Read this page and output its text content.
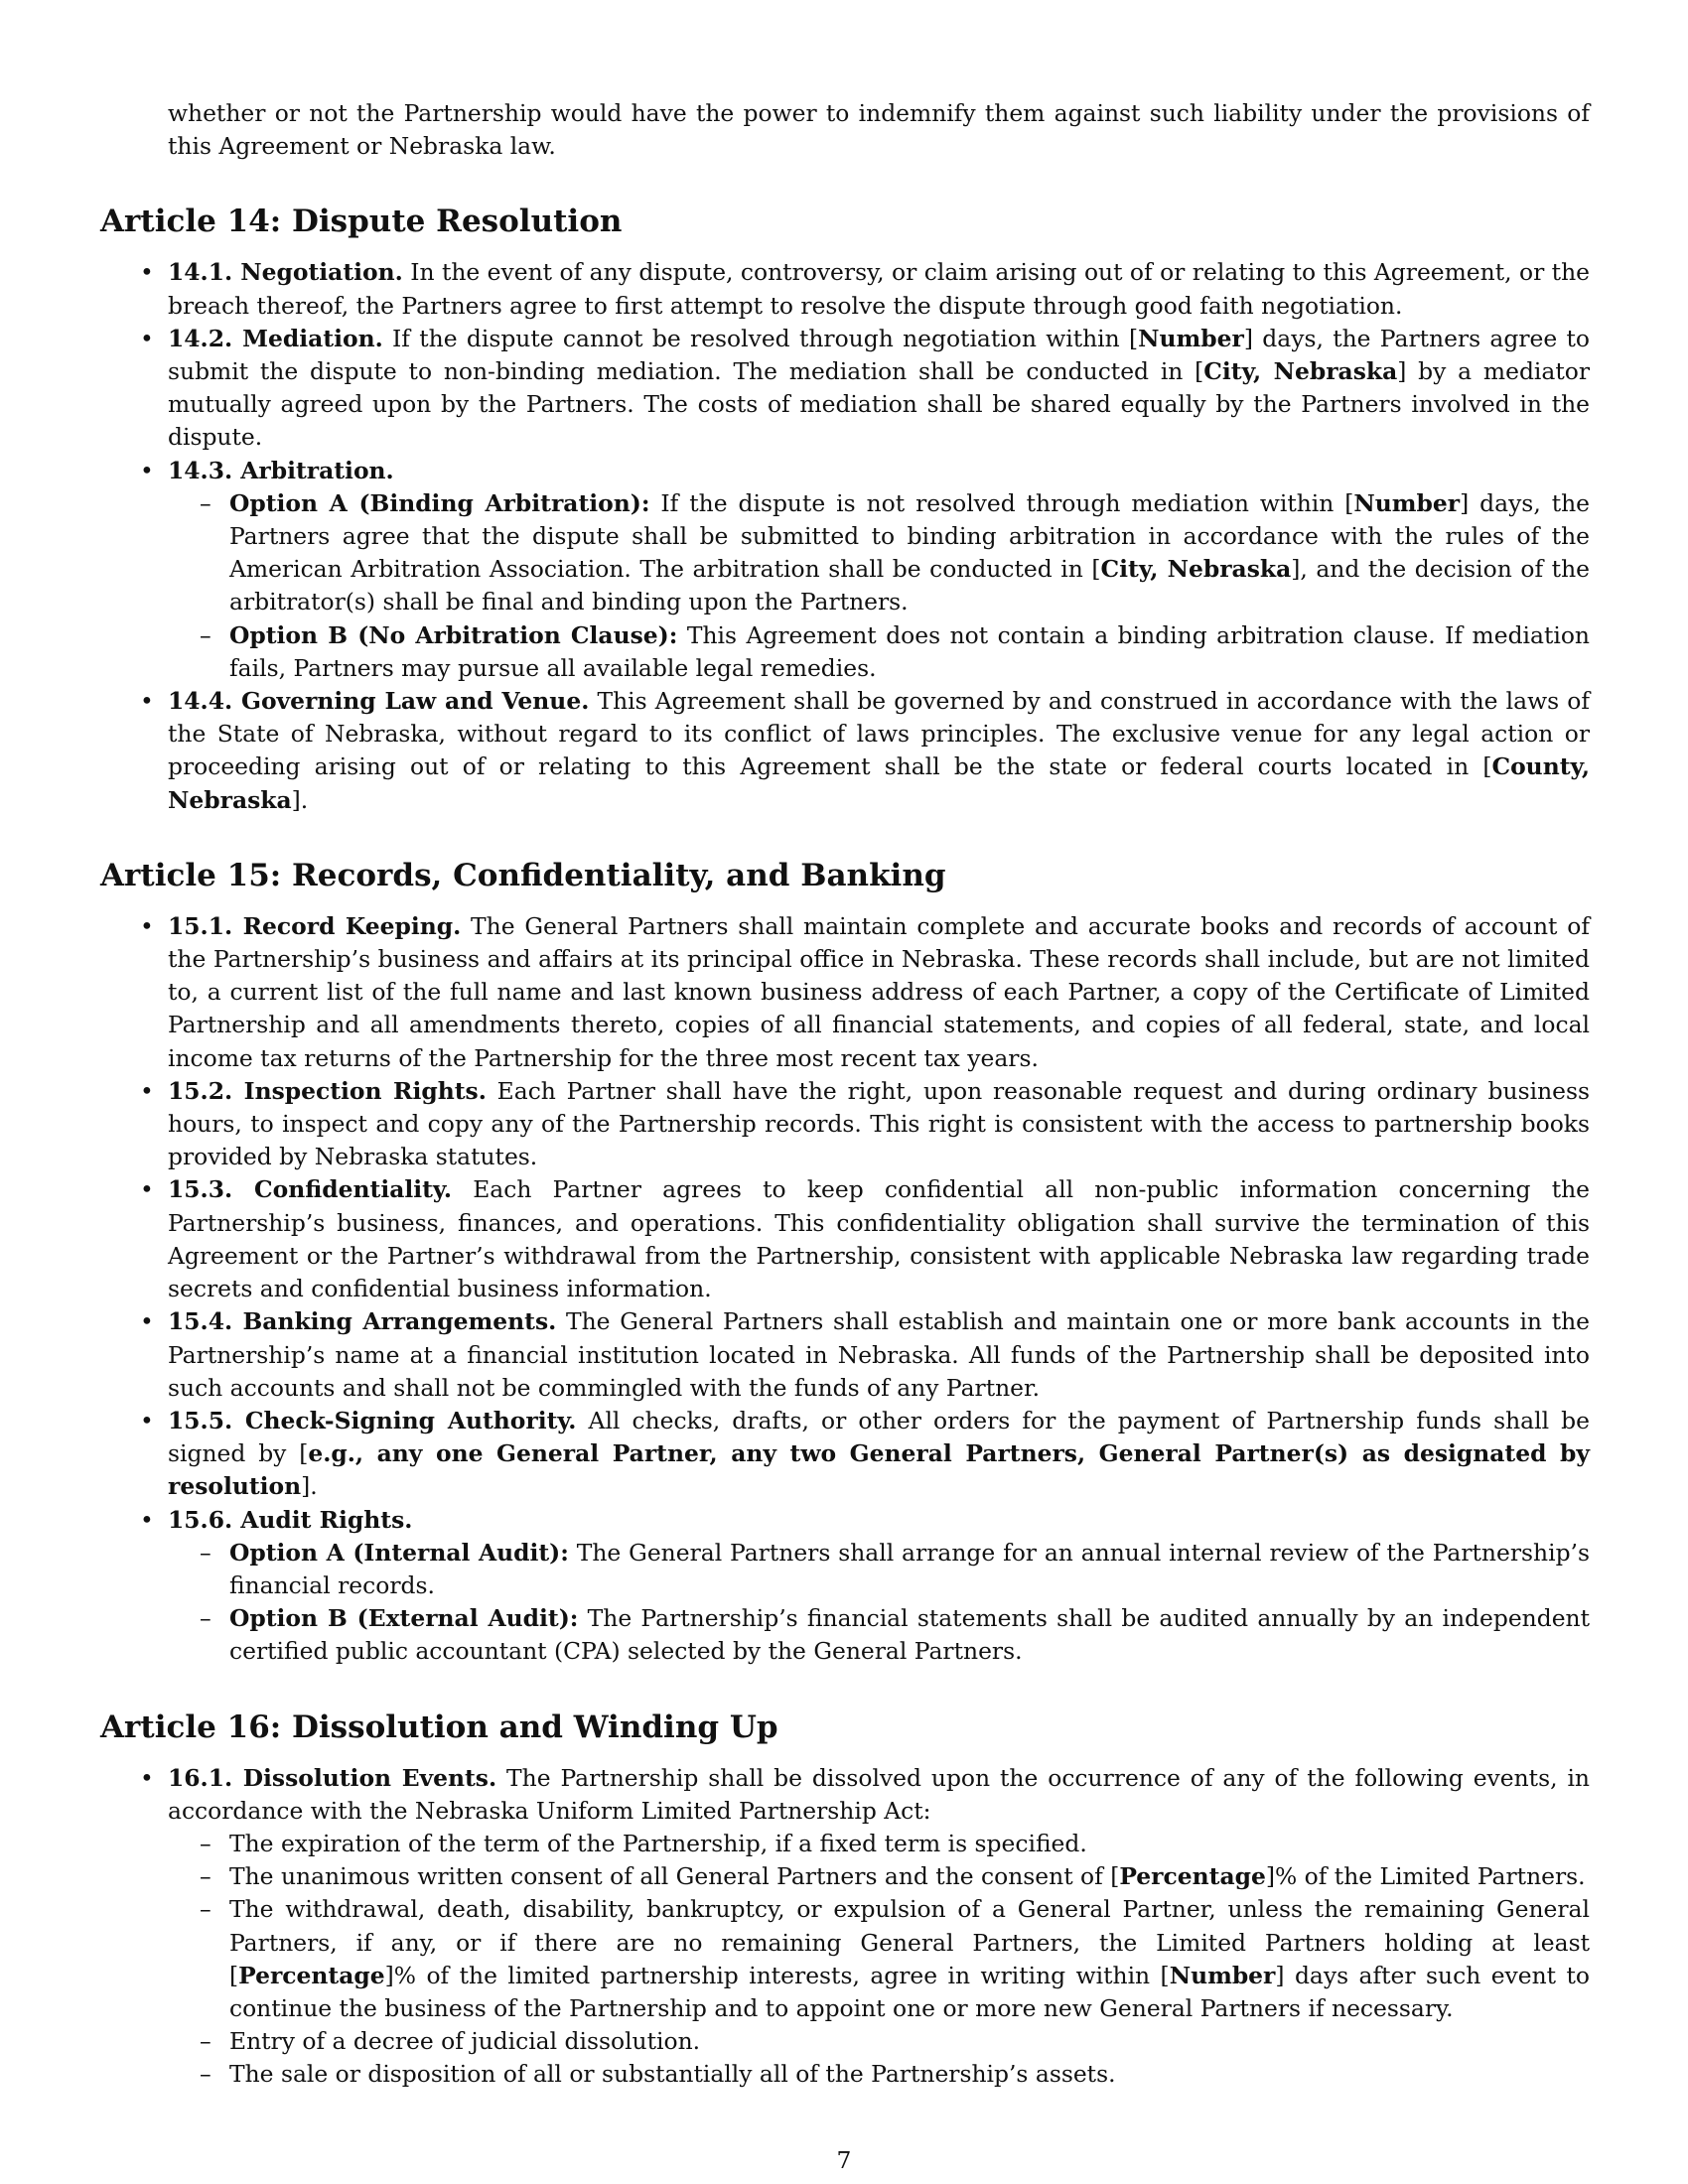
whether or not the Partnership would have the power to indemnify them against such liability under the provisions of this Agreement or Nebraska law.

Article 14: Dispute Resolution
• 14.1. Negotiation. In the event of any dispute, controversy, or claim arising out of or relating to this Agreement, or the breach thereof, the Partners agree to first attempt to resolve the dispute through good faith negotiation.
• 14.2. Mediation. If the dispute cannot be resolved through negotiation within [Number] days, the Partners agree to submit the dispute to non-binding mediation. The mediation shall be conducted in [City, Nebraska] by a mediator mutually agreed upon by the Partners. The costs of mediation shall be shared equally by the Partners involved in the dispute.
• 14.3. Arbitration.
– Option A (Binding Arbitration): If the dispute is not resolved through mediation within [Number] days, the Partners agree that the dispute shall be submitted to binding arbitration in accordance with the rules of the American Arbitration Association. The arbitration shall be conducted in [City, Nebraska], and the decision of the arbitrator(s) shall be final and binding upon the Partners.
– Option B (No Arbitration Clause): This Agreement does not contain a binding arbitration clause. If mediation fails, Partners may pursue all available legal remedies.
• 14.4. Governing Law and Venue. This Agreement shall be governed by and construed in accordance with the laws of the State of Nebraska, without regard to its conflict of laws principles. The exclusive venue for any legal action or proceeding arising out of or relating to this Agreement shall be the state or federal courts located in [County, Nebraska].
Article 15: Records, Confidentiality, and Banking
• 15.1. Record Keeping. The General Partners shall maintain complete and accurate books and records of account of the Partnership’s business and affairs at its principal office in Nebraska. These records shall include, but are not limited to, a current list of the full name and last known business address of each Partner, a copy of the Certificate of Limited Partnership and all amendments thereto, copies of all financial statements, and copies of all federal, state, and local income tax returns of the Partnership for the three most recent tax years.
• 15.2. Inspection Rights. Each Partner shall have the right, upon reasonable request and during ordinary business hours, to inspect and copy any of the Partnership records. This right is consistent with the access to partnership books provided by Nebraska statutes.
• 15.3. Confidentiality. Each Partner agrees to keep confidential all non-public information concerning the Partnership’s business, finances, and operations. This confidentiality obligation shall survive the termination of this Agreement or the Partner’s withdrawal from the Partnership, consistent with applicable Nebraska law regarding trade secrets and confidential business information.
• 15.4. Banking Arrangements. The General Partners shall establish and maintain one or more bank accounts in the Partnership’s name at a financial institution located in Nebraska. All funds of the Partnership shall be deposited into such accounts and shall not be commingled with the funds of any Partner.
• 15.5. Check-Signing Authority. All checks, drafts, or other orders for the payment of Partnership funds shall be signed by [e.g., any one General Partner, any two General Partners, General Partner(s) as designated by resolution].
• 15.6. Audit Rights.
– Option A (Internal Audit): The General Partners shall arrange for an annual internal review of the Partnership’s financial records.
– Option B (External Audit): The Partnership’s financial statements shall be audited annually by an independent certified public accountant (CPA) selected by the General Partners.
Article 16: Dissolution and Winding Up
• 16.1. Dissolution Events. The Partnership shall be dissolved upon the occurrence of any of the following events, in accordance with the Nebraska Uniform Limited Partnership Act:
– The expiration of the term of the Partnership, if a fixed term is specified.
– The unanimous written consent of all General Partners and the consent of [Percentage]% of the Limited Partners.
– The withdrawal, death, disability, bankruptcy, or expulsion of a General Partner, unless the remaining General Partners, if any, or if there are no remaining General Partners, the Limited Partners holding at least [Percentage]% of the limited partnership interests, agree in writing within [Number] days after such event to continue the business of the Partnership and to appoint one or more new General Partners if necessary.
– Entry of a decree of judicial dissolution.
– The sale or disposition of all or substantially all of the Partnership’s assets.
7
